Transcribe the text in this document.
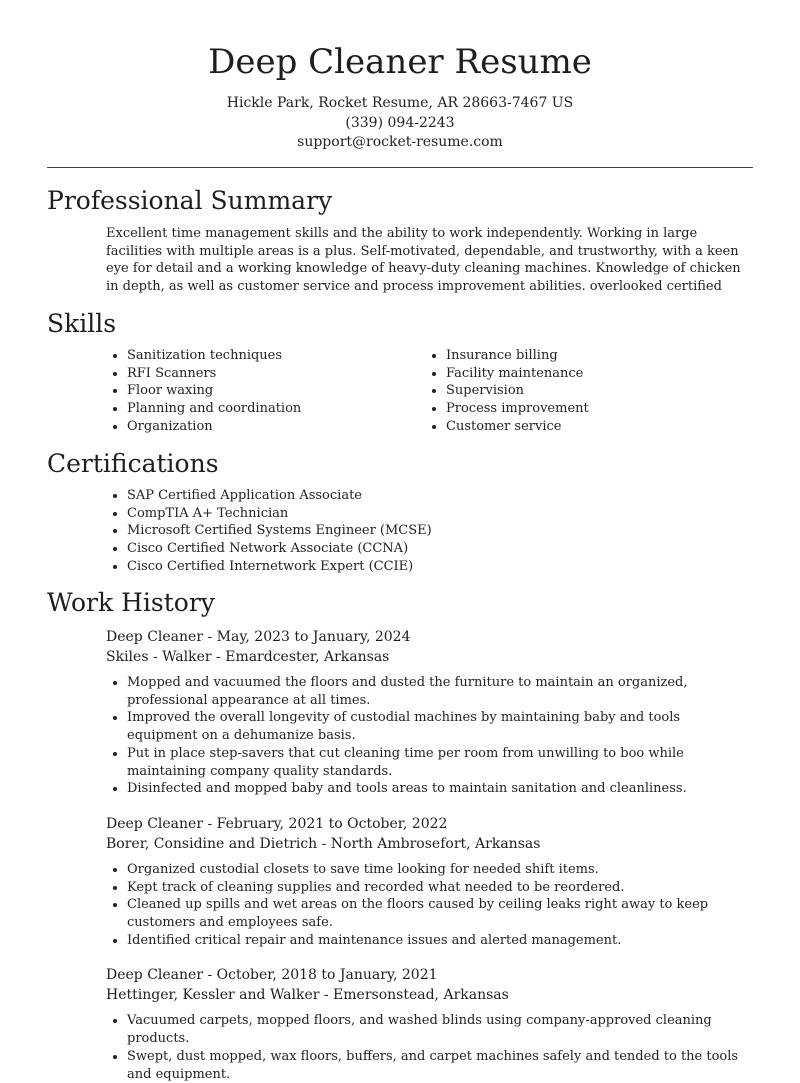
Deep Cleaner Resume
Hickle Park, Rocket Resume, AR 28663-7467 US
(339) 094-2243
support@rocket-resume.com
Professional Summary
Excellent time management skills and the ability to work independently. Working in large facilities with multiple areas is a plus. Self-motivated, dependable, and trustworthy, with a keen eye for detail and a working knowledge of heavy-duty cleaning machines. Knowledge of chicken in depth, as well as customer service and process improvement abilities. overlooked certified
Skills
• Sanitization techniques
• RFI Scanners
• Floor waxing
• Planning and coordination
• Organization
• Insurance billing
• Facility maintenance
• Supervision
• Process improvement
• Customer service
Certifications
• SAP Certified Application Associate
• CompTIA A+ Technician
• Microsoft Certified Systems Engineer (MCSE)
• Cisco Certified Network Associate (CCNA)
• Cisco Certified Internetwork Expert (CCIE)
Work History
Deep Cleaner - May, 2023 to January, 2024
Skiles - Walker - Emardcester, Arkansas
• Mopped and vacuumed the floors and dusted the furniture to maintain an organized, professional appearance at all times.
• Improved the overall longevity of custodial machines by maintaining baby and tools equipment on a dehumanize basis.
• Put in place step-savers that cut cleaning time per room from unwilling to boo while maintaining company quality standards.
• Disinfected and mopped baby and tools areas to maintain sanitation and cleanliness.
Deep Cleaner - February, 2021 to October, 2022
Borer, Considine and Dietrich - North Ambrosefort, Arkansas
• Organized custodial closets to save time looking for needed shift items.
• Kept track of cleaning supplies and recorded what needed to be reordered.
• Cleaned up spills and wet areas on the floors caused by ceiling leaks right away to keep customers and employees safe.
• Identified critical repair and maintenance issues and alerted management.
Deep Cleaner - October, 2018 to January, 2021
Hettinger, Kessler and Walker - Emersonstead, Arkansas
• Vacuumed carpets, mopped floors, and washed blinds using company-approved cleaning products.
• Swept, dust mopped, wax floors, buffers, and carpet machines safely and tended to the tools and equipment.
